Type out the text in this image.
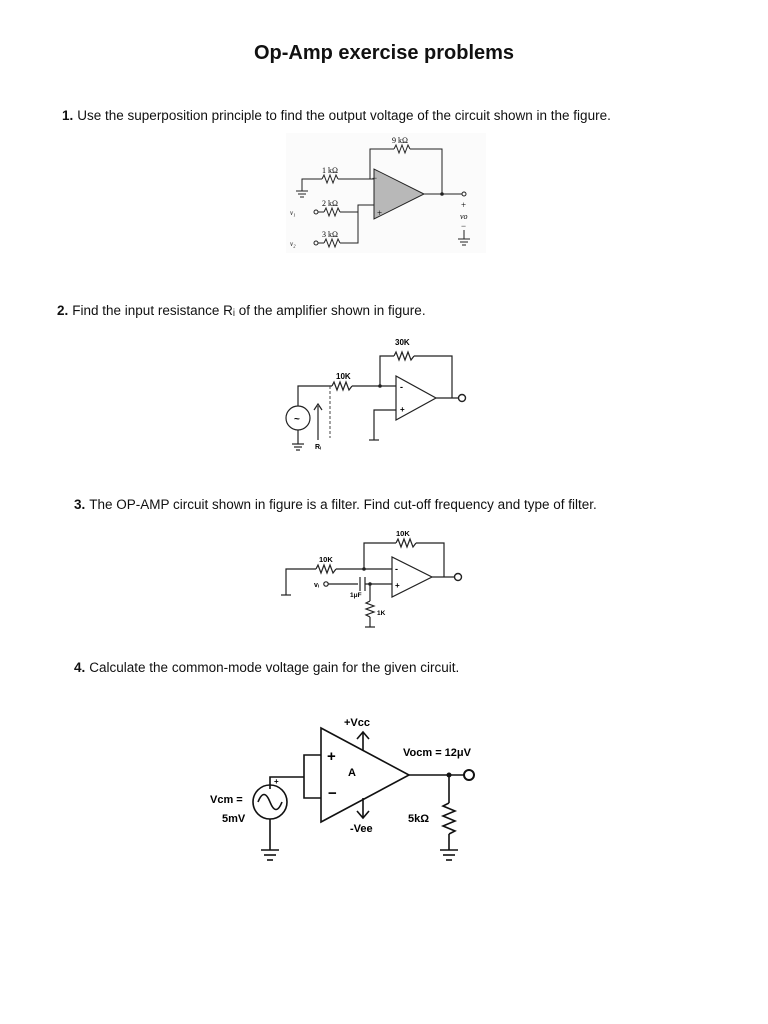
Op-Amp exercise problems
1. Use the superposition principle to find the output voltage of the circuit shown in the figure.
−
+
9 kΩ
1 kΩ
2 kΩ
3 kΩ
v₁
v₂
+
vo
−
2. Find the input resistance Rᵢ of the amplifier shown in figure.
~
-
+
30K
10K
Rᵢ
3. The OP-AMP circuit shown in figure is a filter. Find cut-off frequency and type of filter.
-
+
10K
10K
vᵢ
1μF
1K
4. Calculate the common-mode voltage gain for the given circuit.
+
−
A
+Vcc
-Vee
Vocm = 12μV
+
Vcm =
5mV	5kΩ
